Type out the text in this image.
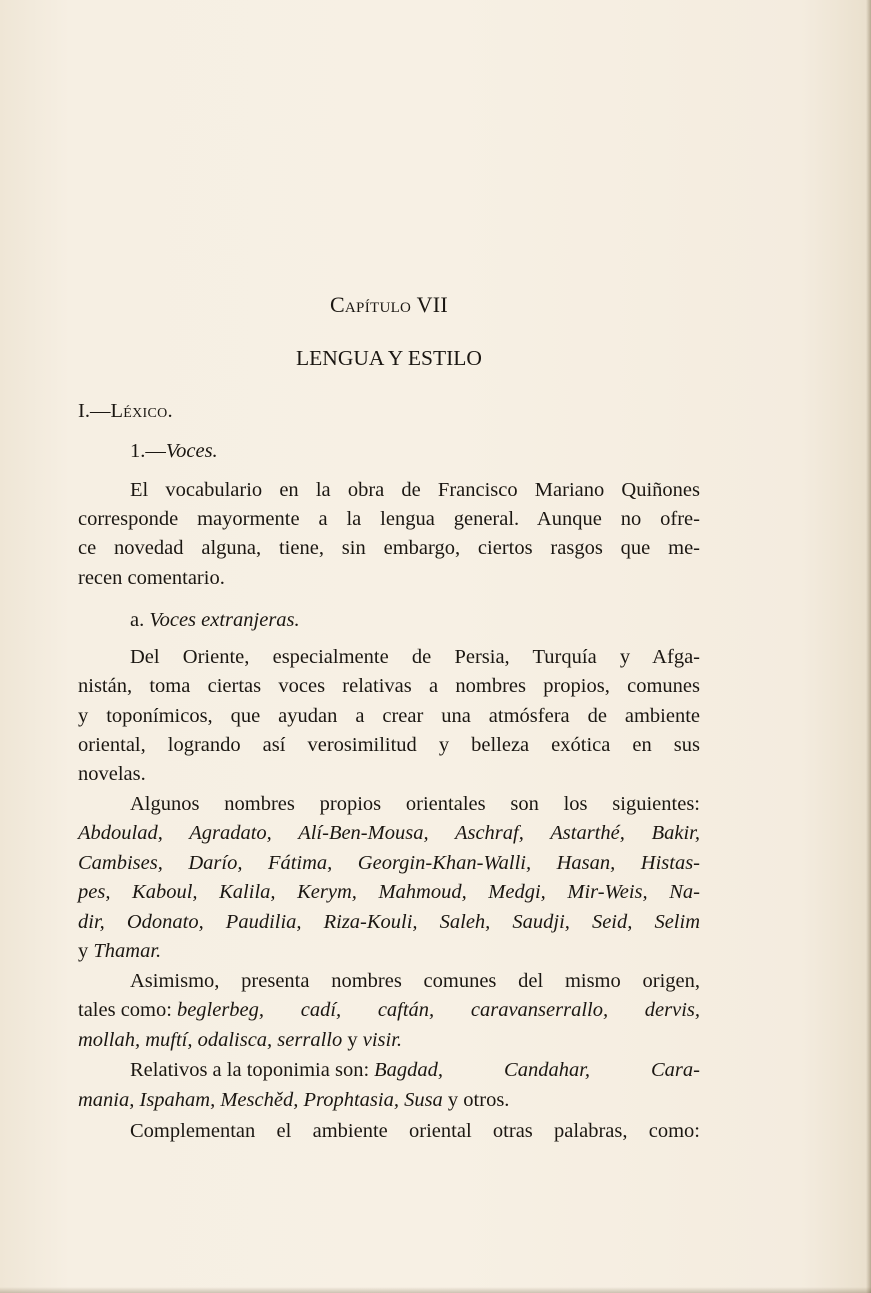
Capítulo VII
LENGUA Y ESTILO
I.—Léxico.
1.—Voces.
El vocabulario en la obra de Francisco Mariano Quiñones
corresponde mayormente a la lengua general. Aunque no ofre-
ce novedad alguna, tiene, sin embargo, ciertos rasgos que me-
recen comentario.
a. Voces extranjeras.
Del Oriente, especialmente de Persia, Turquía y Afga-
nistán, toma ciertas voces relativas a nombres propios, comunes
y toponímicos, que ayudan a crear una atmósfera de ambiente
oriental, logrando así verosimilitud y belleza exótica en sus
novelas.
Algunos nombres propios orientales son los siguientes:
Abdoulad, Agradato, Alí-Ben-Mousa, Aschraf, Astarthé, Bakir,
Cambises, Darío, Fátima, Georgin-Khan-Walli, Hasan, Histas-
pes, Kaboul, Kalila, Kerym, Mahmoud, Medgi, Mir-Weis, Na-
dir, Odonato, Paudilia, Riza-Kouli, Saleh, Saudji, Seid, Selim
y Thamar.
Asimismo, presenta nombres comunes del mismo origen,
tales como: beglerbeg, cadí, caftán, caravanserrallo, dervis,
mollah, muftí, odalisca, serrallo y visir.
Relativos a la toponimia son: Bagdad, Candahar, Cara-
mania, Ispaham, Meschěd, Prophtasia, Susa y otros.
Complementan el ambiente oriental otras palabras, como:
